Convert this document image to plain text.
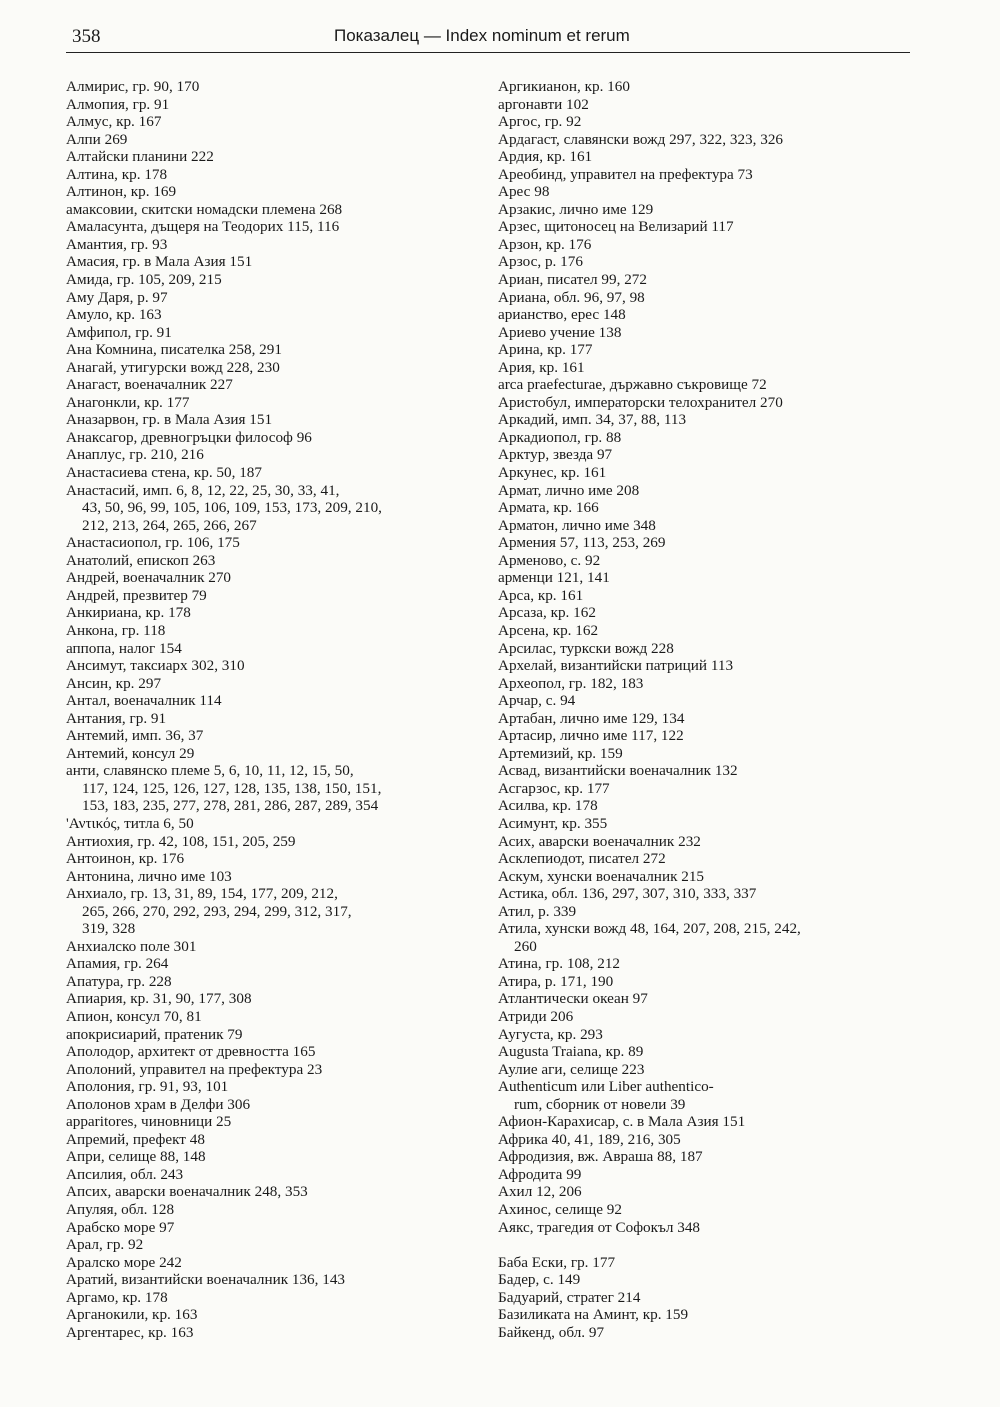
358	Показалец — Index nominum et rerum
Алмирис, гр. 90, 170
Алмопия, гр. 91
Алмус, кр. 167
Алпи 269
Алтайски планини 222
Алтина, кр. 178
Алтинон, кр. 169
амаксовии, скитски номадски племена 268
Амаласунта, дъщеря на Теодорих 115, 116
Амантия, гр. 93
Амасия, гр. в Мала Азия 151
Амида, гр. 105, 209, 215
Аму Даря, р. 97
Амуло, кр. 163
Амфипол, гр. 91
Ана Комнина, писателка 258, 291
Анагай, утигурски вожд 228, 230
Анагаст, военачалник 227
Анагонкли, кр. 177
Аназарвон, гр. в Мала Азия 151
Анаксагор, древногръцки философ 96
Анаплус, гр. 210, 216
Анастасиева стена, кр. 50, 187
Анастасий, имп. 6, 8, 12, 22, 25, 30, 33, 41,
43, 50, 96, 99, 105, 106, 109, 153, 173, 209, 210,
212, 213, 264, 265, 266, 267
Анастасиопол, гр. 106, 175
Анатолий, епископ 263
Андрей, военачалник 270
Андрей, презвитер 79
Анкириана, кр. 178
Анкона, гр. 118
аппопа, налог 154
Ансимут, таксиарх 302, 310
Ансин, кр. 297
Антал, военачалник 114
Антания, гр. 91
Антемий, имп. 36, 37
Антемий, консул 29
анти, славянско племе 5, 6, 10, 11, 12, 15, 50,
117, 124, 125, 126, 127, 128, 135, 138, 150, 151,
153, 183, 235, 277, 278, 281, 286, 287, 289, 354
'Αντικός, титла 6, 50
Антиохия, гр. 42, 108, 151, 205, 259
Антоинон, кр. 176
Антонина, лично име 103
Анхиало, гр. 13, 31, 89, 154, 177, 209, 212,
265, 266, 270, 292, 293, 294, 299, 312, 317,
319, 328
Анхиалско поле 301
Апамия, гр. 264
Апатура, гр. 228
Апиария, кр. 31, 90, 177, 308
Апион, консул 70, 81
апокрисиарий, пратеник 79
Аполодор, архитект от древността 165
Аполоний, управител на префектура 23
Аполония, гр. 91, 93, 101
Аполонов храм в Делфи 306
apparitores, чиновници 25
Апремий, префект 48
Апри, селище 88, 148
Апсилия, обл. 243
Апсих, аварски военачалник 248, 353
Апуляя, обл. 128
Арабско море 97
Арал, гр. 92
Аралско море 242
Аратий, византийски военачалник 136, 143
Аргамо, кр. 178
Арганокили, кр. 163
Аргентарес, кр. 163
Аргикианон, кр. 160
аргонавти 102
Аргос, гр. 92
Ардагаст, славянски вожд 297, 322, 323, 326
Ардия, кр. 161
Ареобинд, управител на префектура 73
Арес 98
Арзакис, лично име 129
Арзес, щитоносец на Велизарий 117
Арзон, кр. 176
Арзос, р. 176
Ариан, писател 99, 272
Ариана, обл. 96, 97, 98
арианство, ерес 148
Ариево учение 138
Арина, кр. 177
Ария, кр. 161
arca praefecturae, държавно съкровище 72
Аристобул, императорски телохранител 270
Аркадий, имп. 34, 37, 88, 113
Аркадиопол, гр. 88
Арктур, звезда 97
Аркунес, кр. 161
Армат, лично име 208
Армата, кр. 166
Арматон, лично име 348
Армения 57, 113, 253, 269
Арменово, с. 92
арменци 121, 141
Арса, кр. 161
Арсаза, кр. 162
Арсена, кр. 162
Арсилас, туркски вожд 228
Архелай, византийски патриций 113
Археопол, гр. 182, 183
Арчар, с. 94
Артабан, лично име 129, 134
Артасир, лично име 117, 122
Артемизий, кр. 159
Асвад, византийски военачалник 132
Асгарзос, кр. 177
Асилва, кр. 178
Асимунт, кр. 355
Асих, аварски военачалник 232
Асклепиодот, писател 272
Аскум, хунски военачалник 215
Астика, обл. 136, 297, 307, 310, 333, 337
Атил, р. 339
Атила, хунски вожд 48, 164, 207, 208, 215, 242,
260
Атина, гр. 108, 212
Атира, р. 171, 190
Атлантически океан 97
Атриди 206
Аугуста, кр. 293
Augusta Traiana, кр. 89
Аулие аги, селище 223
Authenticum или Liber authentico-
rum, сборник от новели 39
Афион-Карахисар, с. в Мала Азия 151
Африка 40, 41, 189, 216, 305
Афродизия, вж. Авраша 88, 187
Афродита 99
Ахил 12, 206
Ахинос, селище 92
Аякс, трагедия от Софокъл 348
Баба Ески, гр. 177
Бадер, с. 149
Бадуарий, стратег 214
Базиликата на Аминт, кр. 159
Байкенд, обл. 97
